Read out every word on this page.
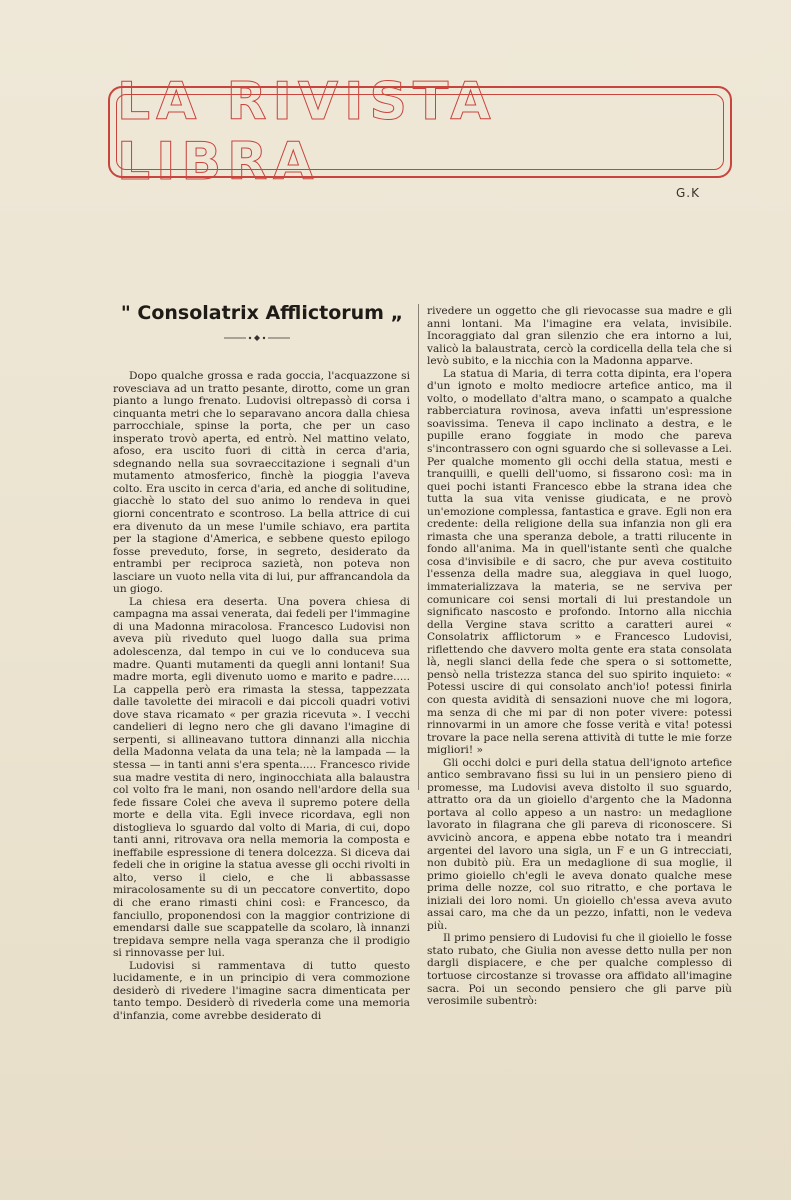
LA RIVISTA LIBRA
G.K
" Consolatrix Afflictorum „

Dopo qualche grossa e rada goccia, l'acquazzone si rovesciava ad un tratto pesante, dirotto, come un gran pianto a lungo frenato. Ludovisi oltrepassò di corsa i cinquanta metri che lo separavano ancora dalla chiesa parrocchiale, spinse la porta, che per un caso insperato trovò aperta, ed entrò. Nel mattino velato, afoso, era uscito fuori di città in cerca d'aria, sdegnando nella sua sovraeccitazione i segnali d'un mutamento atmosferico, finchè la pioggia l'aveva colto. Era uscito in cerca d'aria, ed anche di solitudine, giacchè lo stato del suo animo lo rendeva in quei giorni concentrato e scontroso. La bella attrice di cui era divenuto da un mese l'umile schiavo, era partita per la stagione d'America, e sebbene questo epilogo fosse preveduto, forse, in segreto, desiderato da entrambi per reciproca sazietà, non poteva non lasciare un vuoto nella vita di lui, pur affrancandola da un giogo.

La chiesa era deserta. Una povera chiesa di campagna ma assai venerata, dai fedeli per l'immagine di una Madonna miracolosa. Francesco Ludovisi non aveva più riveduto quel luogo dalla sua prima adolescenza, dal tempo in cui ve lo conduceva sua madre. Quanti mutamenti da quegli anni lontani! Sua madre morta, egli divenuto uomo e marito e padre..... La cappella però era rimasta la stessa, tappezzata dalle tavolette dei miracoli e dai piccoli quadri votivi dove stava ricamato « per grazia ricevuta ». I vecchi candelieri di legno nero che gli davano l'imagine di serpenti, si allineavano tuttora dinnanzi alla nicchia della Madonna velata da una tela; nè la lampada — la stessa — in tanti anni s'era spenta..... Francesco rivide sua madre vestita di nero, inginocchiata alla balaustra col volto fra le mani, non osando nell'ardore della sua fede fissare Colei che aveva il supremo potere della morte e della vita. Egli invece ricordava, egli non distoglieva lo sguardo dal volto di Maria, di cui, dopo tanti anni, ritrovava ora nella memoria la composta e ineffabile espressione di tenera dolcezza. Si diceva dai fedeli che in origine la statua avesse gli occhi rivolti in alto, verso il cielo, e che li abbassasse miracolosamente su di un peccatore convertito, dopo di che erano rimasti chini così: e Francesco, da fanciullo, proponendosi con la maggior contrizione di emendarsi dalle sue scappatelle da scolaro, là innanzi trepidava sempre nella vaga speranza che il prodigio si rinnovasse per lui.

Ludovisi si rammentava di tutto questo lucidamente, e in un principio di vera commozione desiderò di rivedere l'imagine sacra dimenticata per tanto tempo. Desiderò di rivederla come una memoria d'infanzia, come avrebbe desiderato di

rivedere un oggetto che gli rievocasse sua madre e gli anni lontani. Ma l'imagine era velata, invisibile. Incoraggiato dal gran silenzio che era intorno a lui, valicò la balaustrata, cercò la cordicella della tela che si levò subito, e la nicchia con la Madonna apparve.

La statua di Maria, di terra cotta dipinta, era l'opera d'un ignoto e molto mediocre artefice antico, ma il volto, o modellato d'altra mano, o scampato a qualche rabberciatura rovinosa, aveva infatti un'espressione soavissima. Teneva il capo inclinato a destra, e le pupille erano foggiate in modo che pareva s'incontrassero con ogni sguardo che si sollevasse a Lei. Per qualche momento gli occhi della statua, mesti e tranquilli, e quelli dell'uomo, si fissarono così: ma in quei pochi istanti Francesco ebbe la strana idea che tutta la sua vita venisse giudicata, e ne provò un'emozione complessa, fantastica e grave. Egli non era credente: della religione della sua infanzia non gli era rimasta che una speranza debole, a tratti rilucente in fondo all'anima. Ma in quell'istante sentì che qualche cosa d'invisibile e di sacro, che pur aveva costituito l'essenza della madre sua, aleggiava in quel luogo, immaterializzava la materia, se ne serviva per comunicare coi sensi mortali di lui prestandole un significato nascosto e profondo. Intorno alla nicchia della Vergine stava scritto a caratteri aurei « Consolatrix afflictorum » e Francesco Ludovisi, riflettendo che davvero molta gente era stata consolata là, negli slanci della fede che spera o si sottomette, pensò nella tristezza stanca del suo spirito inquieto: « Potessi uscire di qui consolato anch'io! potessi finirla con questa avidità di sensazioni nuove che mi logora, ma senza di che mi par di non poter vivere: potessi rinnovarmi in un amore che fosse verità e vita! potessi trovare la pace nella serena attività di tutte le mie forze migliori! »

Gli occhi dolci e puri della statua dell'ignoto artefice antico sembravano fissi su lui in un pensiero pieno di promesse, ma Ludovisi aveva distolto il suo sguardo, attratto ora da un gioiello d'argento che la Madonna portava al collo appeso a un nastro: un medaglione lavorato in filagrana che gli pareva di riconoscere. Si avvicinò ancora, e appena ebbe notato tra i meandri argentei del lavoro una sigla, un F e un G intrecciati, non dubitò più. Era un medaglione di sua moglie, il primo gioiello ch'egli le aveva donato qualche mese prima delle nozze, col suo ritratto, e che portava le iniziali dei loro nomi. Un gioiello ch'essa aveva avuto assai caro, ma che da un pezzo, infatti, non le vedeva più.

Il primo pensiero di Ludovisi fu che il gioiello le fosse stato rubato, che Giulia non avesse detto nulla per non dargli dispiacere, e che per qualche complesso di tortuose circostanze si trovasse ora affidato all'imagine sacra. Poi un secondo pensiero che gli parve più verosimile subentrò:
